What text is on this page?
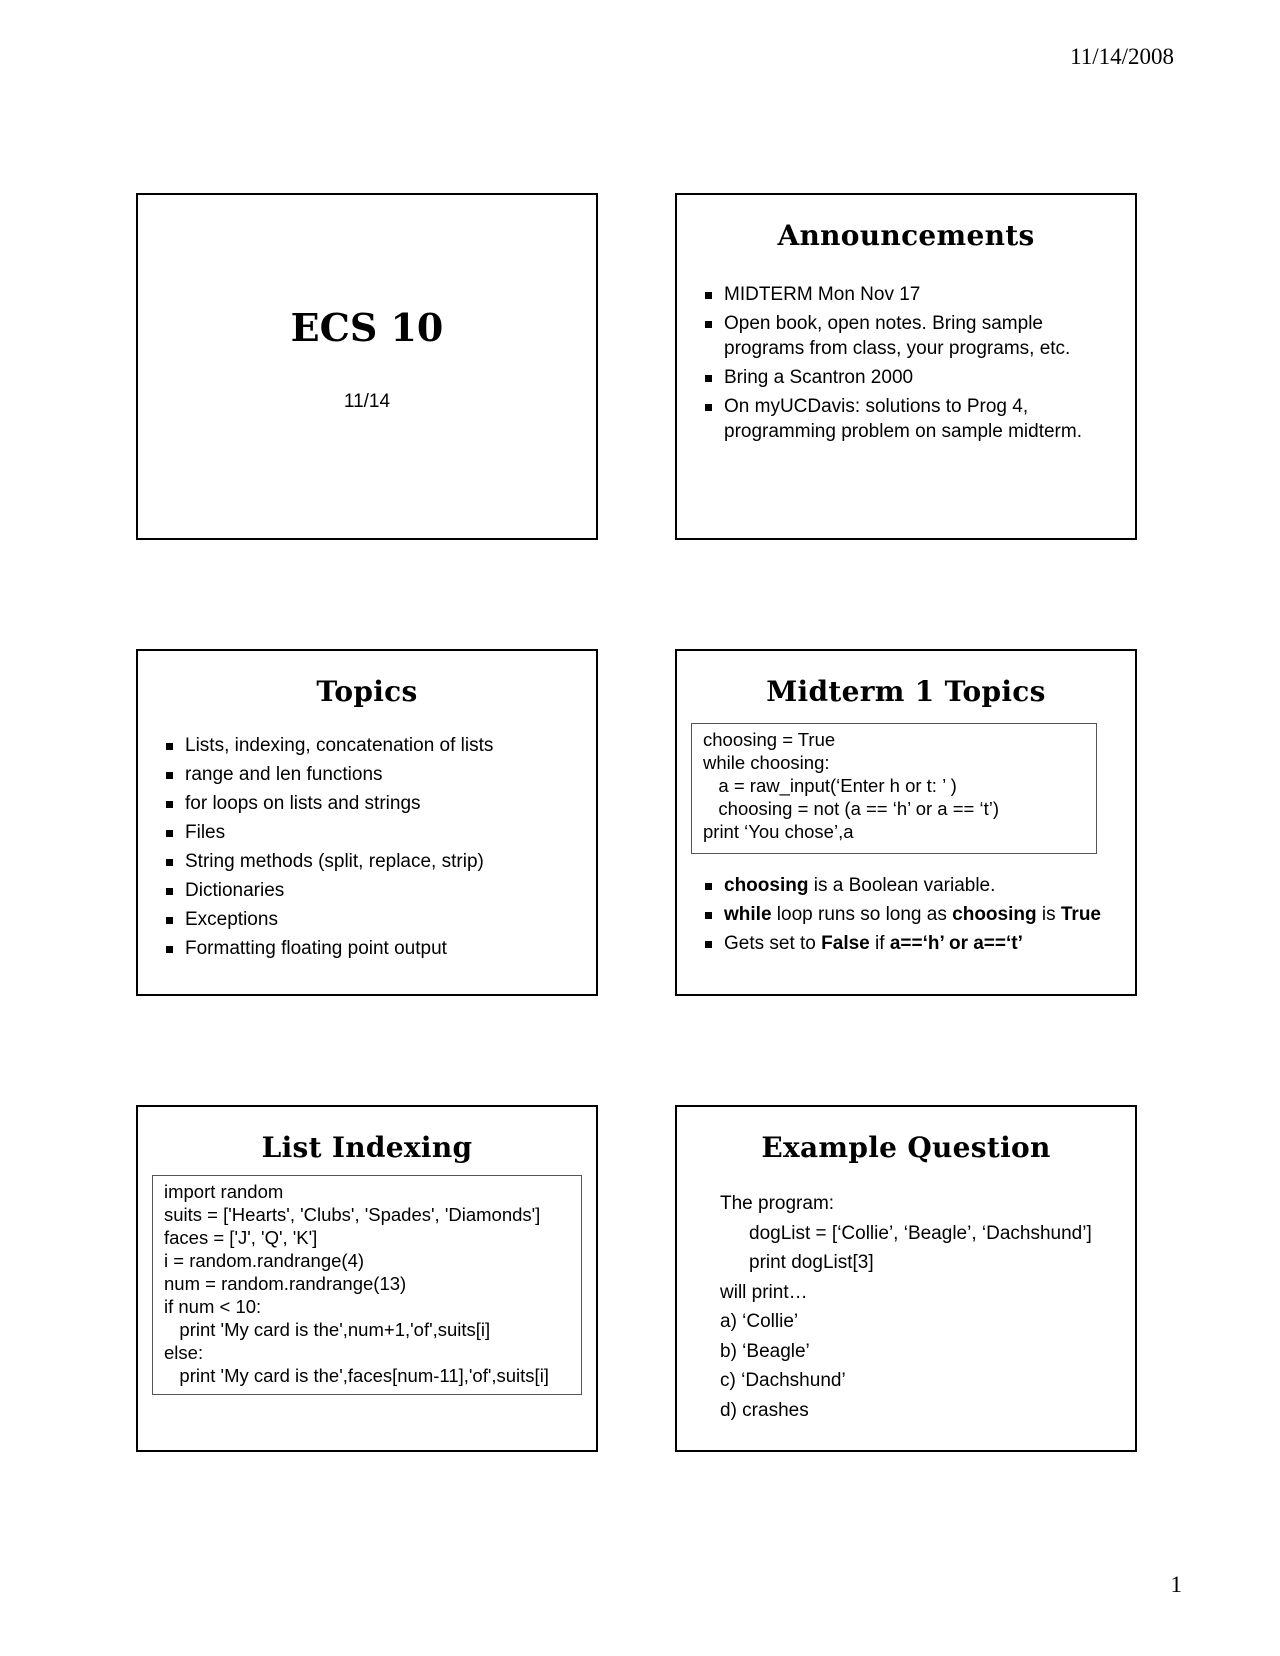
11/14/2008
ECS 10
11/14
Announcements
MIDTERM Mon Nov 17
Open book, open notes. Bring sample programs from class, your programs, etc.
Bring a Scantron 2000
On myUCDavis: solutions to Prog 4, programming problem on sample midterm.
Topics
Lists, indexing, concatenation of lists
range and len functions
for loops on lists and strings
Files
String methods (split, replace, strip)
Dictionaries
Exceptions
Formatting floating point output
Midterm 1 Topics
choosing = True
while choosing:
a = raw_input(‘Enter h or t: ’ )
choosing = not (a == ‘h’ or a == ‘t’)
print ‘You chose’,a
choosing is a Boolean variable.
while loop runs so long as choosing is True
Gets set to False if a==‘h’ or a==‘t’
List Indexing
import random
suits = ['Hearts', 'Clubs', 'Spades', 'Diamonds']
faces = ['J', 'Q', 'K']
i = random.randrange(4)
num = random.randrange(13)
if num < 10:
print 'My card is the',num+1,'of',suits[i]
else:
print 'My card is the',faces[num-11],'of',suits[i]
Example Question
The program:
dogList = [‘Collie’, ‘Beagle’, ‘Dachshund’]
print dogList[3]
will print…
a) ‘Collie’
b) ‘Beagle’
c) ‘Dachshund’
d) crashes
1
